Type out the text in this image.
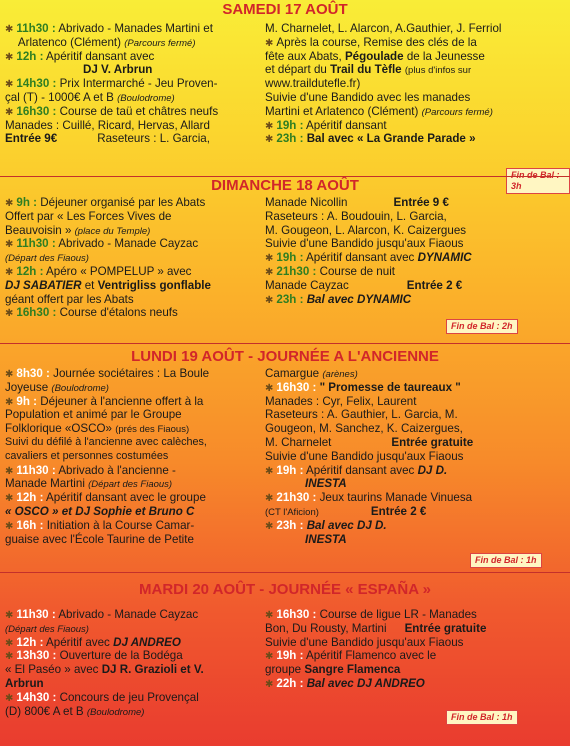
SAMEDI 17 AOÛT
✱ 11h30 : Abrivado - Manades Martini et
Arlatenco (Clément) (Parcours fermé)
✱ 12h : Apéritif dansant avec
DJ V. Arbrun
✱ 14h30 : Prix Intermarché - Jeu Proven-
çal (T) - 1000€ A et B (Boulodrome)
✱ 16h30 : Course de taü et châtres neufs
Manades : Cuillé, Ricard, Hervas, Allard
Entrée 9€	Raseteurs : L. Garcia,
M. Charnelet, L. Alarcon, A.Gauthier, J. Ferriol
✱ Après la course, Remise des clés de la
fête aux Abats, Pégoulade de la Jeunesse
et départ du Trail du Tèfle (plus d'infos sur
www.traildutefle.fr)
Suivie d'une Bandido avec les manades
Martini et Arlatenco (Clément) (Parcours fermé)
✱ 19h : Apéritif dansant
✱ 23h : Bal avec « La Grande Parade »
Fin de Bal : 3h
DIMANCHE 18 AOÛT
✱ 9h : Déjeuner organisé par les Abats
Offert par « Les Forces Vives de
Beauvoisin » (place du Temple)
✱ 11h30 : Abrivado - Manade Cayzac
(Départ des Fiaous)
✱ 12h : Apéro « POMPELUP » avec
DJ SABATIER et Ventrigliss gonflable
géant offert par les Abats
✱ 16h30 : Course d'étalons neufs
Manade Nicollin	Entrée 9 €
Raseteurs : A. Boudouin, L. Garcia,
M. Gougeon, L. Alarcon, K. Caizergues
Suivie d'une Bandido jusqu'aux Fiaous
✱ 19h : Apéritif dansant avec DYNAMIC
✱ 21h30 : Course de nuit
Manade Cayzac	Entrée 2 €
✱ 23h : Bal avec DYNAMIC
Fin de Bal : 2h
LUNDI 19 AOÛT - JOURNÉE A L'ANCIENNE
✱ 8h30 : Journée sociétaires : La Boule
Joyeuse (Boulodrome)
✱ 9h : Déjeuner à l'ancienne offert à la
Population et animé par le Groupe
Folklorique «OSCO» (prés des Fiaous)
Suivi du défilé à l'ancienne avec calèches,
cavaliers et personnes costumées
✱ 11h30 : Abrivado à l'ancienne -
Manade Martini (Départ des Fiaous)
✱ 12h : Apéritif dansant avec le groupe
« OSCO » et DJ Sophie et Bruno C
✱ 16h : Initiation à la Course Camar-
guaise avec l'École Taurine de Petite
Camargue (arènes)
✱ 16h30 : " Promesse de taureaux "
Manades : Cyr, Felix, Laurent
Raseteurs : A. Gauthier, L. Garcia, M.
Gougeon, M. Sanchez, K. Caizergues,
M. Charnelet	Entrée gratuite
Suivie d'une Bandido jusqu'aux Fiaous
✱ 19h : Apéritif dansant avec DJ D.
INESTA
✱ 21h30 : Jeux taurins Manade Vinuesa
(CT l'Aficion)	Entrée 2 €
✱ 23h : Bal avec DJ D.
INESTA
Fin de Bal : 1h
MARDI 20 AOÛT - JOURNÉE « ESPAÑA »
✱ 11h30 : Abrivado - Manade Cayzac
(Départ des Fiaous)
✱ 12h : Apéritif avec DJ ANDREO
✱ 13h30 : Ouverture de la Bodéga
« El Paséo » avec DJ R. Grazioli et V.
Arbrun
✱ 14h30 : Concours de jeu Provençal
(D) 800€ A et B (Boulodrome)
✱ 16h30 : Course de ligue LR - Manades
Bon, Du Rousty, Martini Entrée gratuite
Suivie d'une Bandido jusqu'aux Fiaous
✱ 19h : Apéritif Flamenco avec le
groupe Sangre Flamenca
✱ 22h : Bal avec DJ ANDREO
Fin de Bal : 1h
